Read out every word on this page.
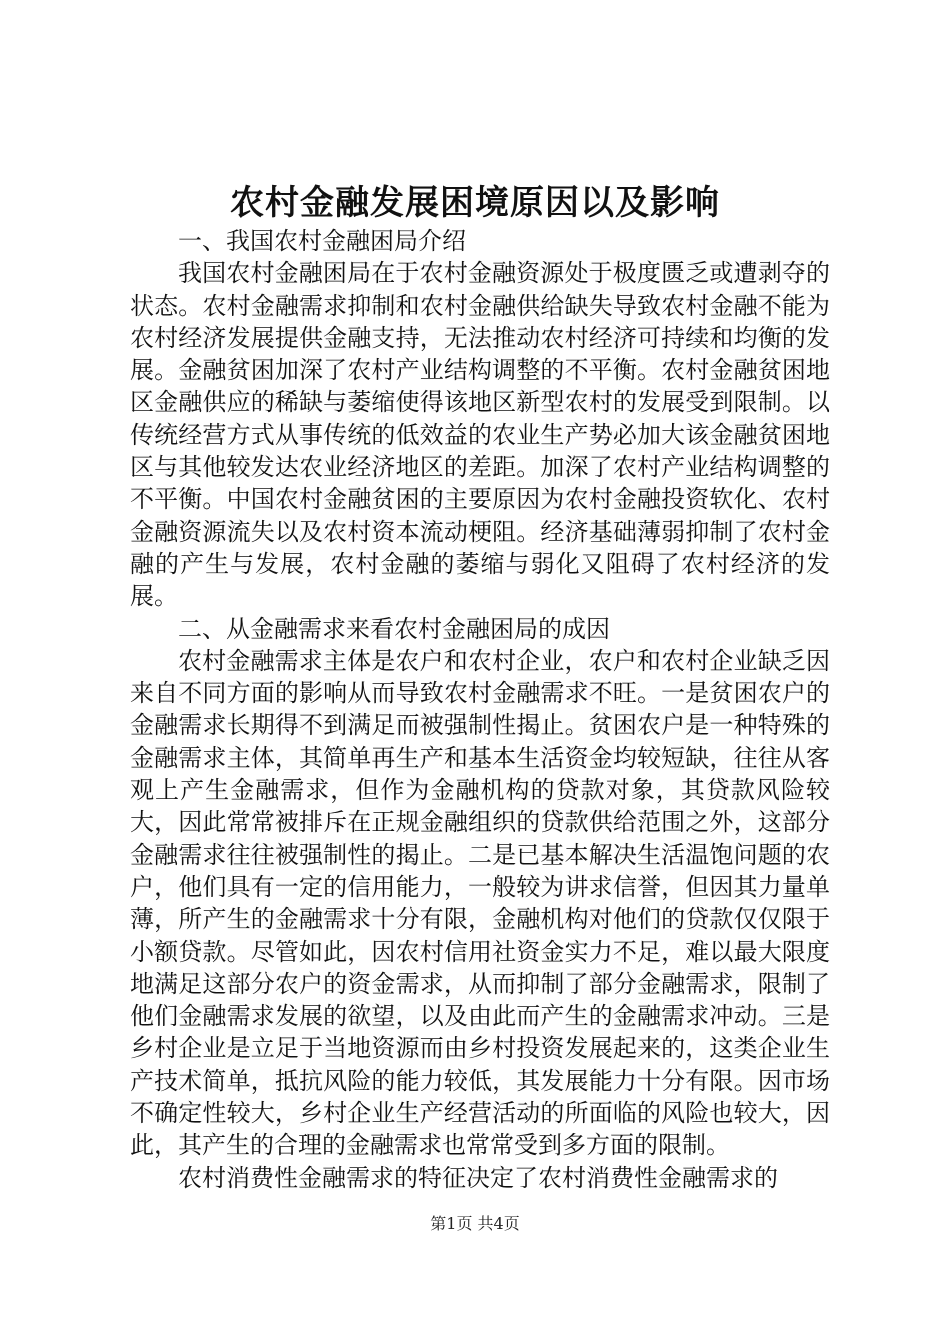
农村金融发展困境原因以及影响

一、我国农村金融困局介绍

我国农村金融困局在于农村金融资源处于极度匮乏或遭剥夺的状态。农村金融需求抑制和农村金融供给缺失导致农村金融不能为农村经济发展提供金融支持，无法推动农村经济可持续和均衡的发展。金融贫困加深了农村产业结构调整的不平衡。农村金融贫困地区金融供应的稀缺与萎缩使得该地区新型农村的发展受到限制。以传统经营方式从事传统的低效益的农业生产势必加大该金融贫困地区与其他较发达农业经济地区的差距。加深了农村产业结构调整的不平衡。中国农村金融贫困的主要原因为农村金融投资软化、农村金融资源流失以及农村资本流动梗阻。经济基础薄弱抑制了农村金融的产生与发展，农村金融的萎缩与弱化又阻碍了农村经济的发展。

二、从金融需求来看农村金融困局的成因

农村金融需求主体是农户和农村企业，农户和农村企业缺乏因来自不同方面的影响从而导致农村金融需求不旺。一是贫困农户的金融需求长期得不到满足而被强制性揭止。贫困农户是一种特殊的金融需求主体，其简单再生产和基本生活资金均较短缺，往往从客观上产生金融需求，但作为金融机构的贷款对象，其贷款风险较大，因此常常被排斥在正规金融组织的贷款供给范围之外，这部分金融需求往往被强制性的揭止。二是已基本解决生活温饱问题的农户，他们具有一定的信用能力，一般较为讲求信誉，但因其力量单薄，所产生的金融需求十分有限，金融机构对他们的贷款仅仅限于小额贷款。尽管如此，因农村信用社资金实力不足，难以最大限度地满足这部分农户的资金需求，从而抑制了部分金融需求，限制了他们金融需求发展的欲望，以及由此而产生的金融需求冲动。三是乡村企业是立足于当地资源而由乡村投资发展起来的，这类企业生产技术简单，抵抗风险的能力较低，其发展能力十分有限。因市场不确定性较大，乡村企业生产经营活动的所面临的风险也较大，因此，其产生的合理的金融需求也常常受到多方面的限制。

农村消费性金融需求的特征决定了农村消费性金融需求的

第1页 共4页
